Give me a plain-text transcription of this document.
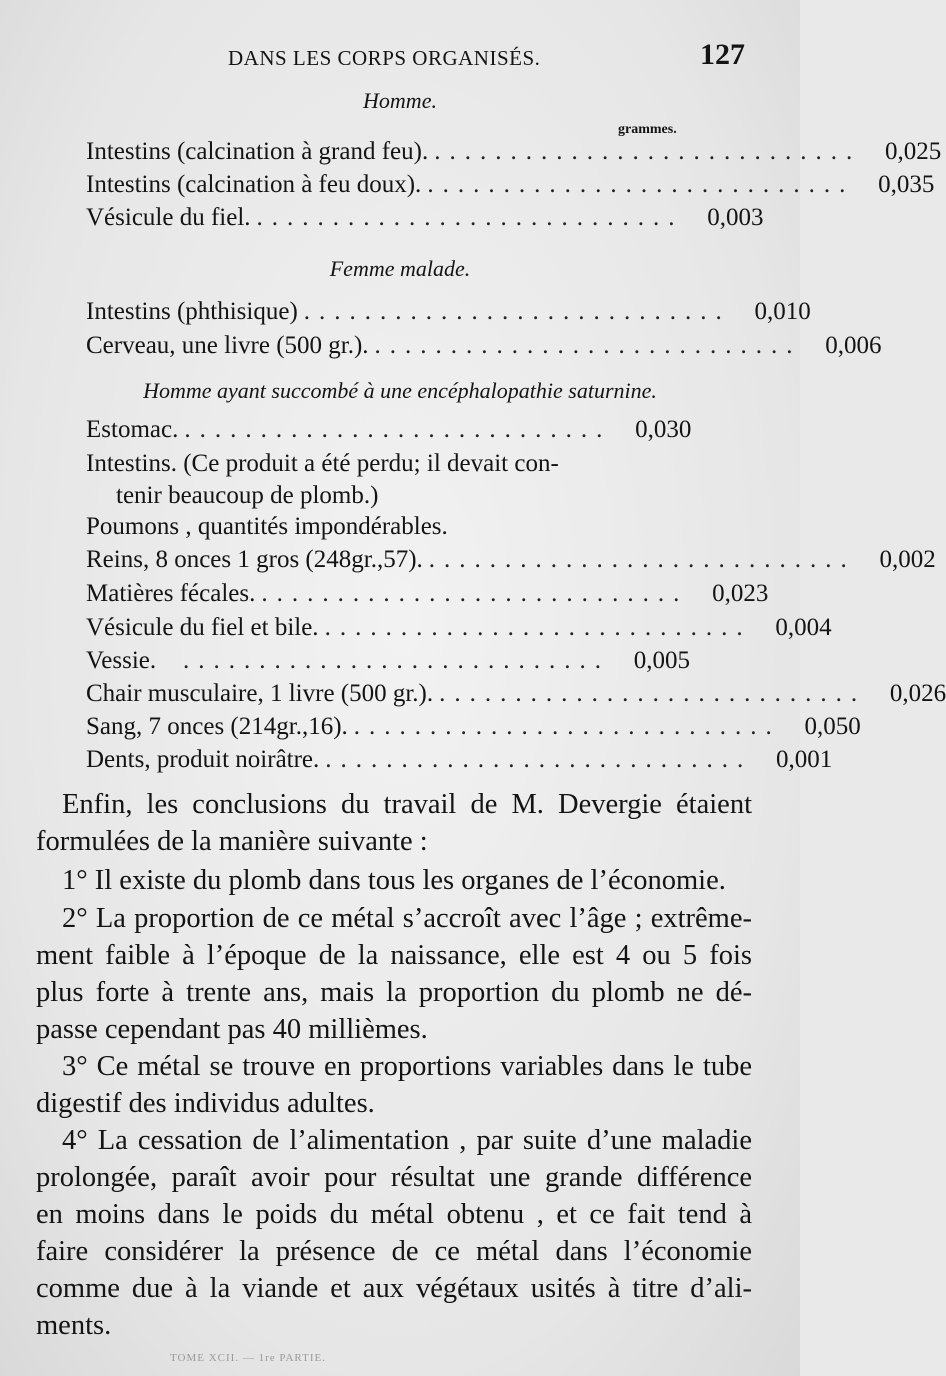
DANS LES CORPS ORGANISÉS.	127
Homme.
grammes.
Intestins (calcination à grand feu). ............................ 0,025
Intestins (calcination à feu doux). ............................ 0,035
Vésicule du fiel. ............................ 0,003
Femme malade.
Intestins (phthisique) ............................ 0,010
Cerveau, une livre (500 gr.). ............................ 0,006
Homme ayant succombé à une encéphalopathie saturnine.
Estomac. ............................ 0,030
Intestins. (Ce produit a été perdu; il devait con-
tenir beaucoup de plomb.)
Poumons , quantités impondérables.
Reins, 8 onces 1 gros (248gr.,57). ............................ 0,002
Matières fécales. ............................ 0,023
Vésicule du fiel et bile. ............................ 0,004
Vessie.	............................ 0,005
Chair musculaire, 1 livre (500 gr.). ............................ 0,026
Sang, 7 onces (214gr.,16). ............................ 0,050
Dents, produit noirâtre. ............................ 0,001
Enfin, les conclusions du travail de M. Devergie étaient
formulées de la manière suivante :
1° Il existe du plomb dans tous les organes de l’économie.
2° La proportion de ce métal s’accroît avec l’âge ; extrême-
ment faible à l’époque de la naissance, elle est 4 ou 5 fois
plus forte à trente ans, mais la proportion du plomb ne dé-
passe cependant pas 40 millièmes.
3° Ce métal se trouve en proportions variables dans le tube
digestif des individus adultes.
4° La cessation de l’alimentation , par suite d’une maladie
prolongée, paraît avoir pour résultat une grande différence
en moins dans le poids du métal obtenu , et ce fait tend à
faire considérer la présence de ce métal dans l’économie
comme due à la viande et aux végétaux usités à titre d’ali-
ments.
TOME XCII. — 1re PARTIE.
